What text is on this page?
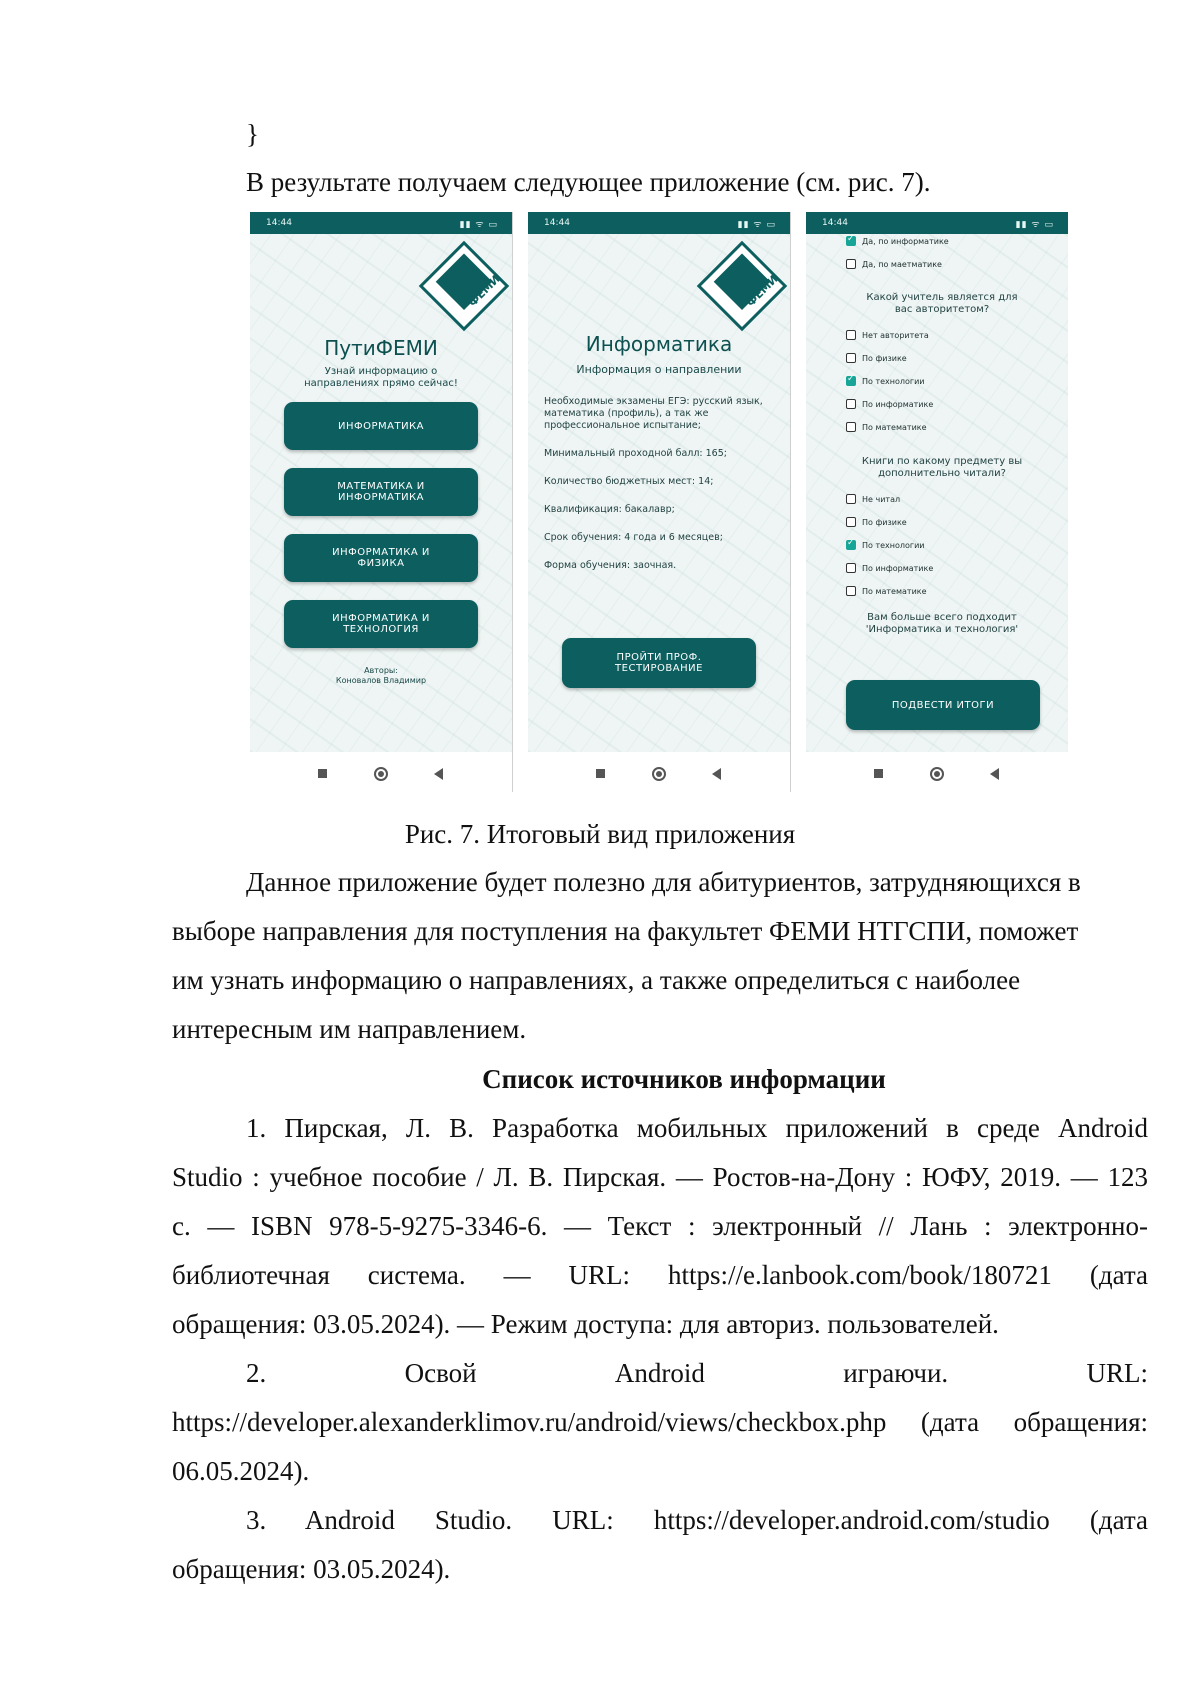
}
В результате получаем следующее приложение (см. рис. 7).
14:44	▮▮ ᯤ ▭
ФЕМИ
ПутиФЕМИ
Узнай информацию о
направлениях прямо сейчас!
ИНФОРМАТИКА
МАТЕМАТИКА И
ИНФОРМАТИКА
ИНФОРМАТИКА И
ФИЗИКА
ИНФОРМАТИКА И
ТЕХНОЛОГИЯ
Авторы:
Коновалов Владимир
14:44	▮▮ ᯤ ▭
ФЕМИ
Информатика
Информация о направлении
Необходимые экзамены ЕГЭ: русский язык, математика (профиль), а так же профессиональное испытание;
Минимальный проходной балл: 165;
Количество бюджетных мест: 14;
Квалификация: бакалавр;
Срок обучения: 4 года и 6 месяцев;
Форма обучения: заочная.
ПРОЙТИ ПРОФ.
ТЕСТИРОВАНИЕ
14:44	▮▮ ᯤ ▭
✓
Да, по информатике
Да, по маетматике
Какой учитель является для
вас авторитетом?
Нет авторитета
По физике
✓
По технологии
По информатике
По математике
Книги по какому предмету вы
дополнительно читали?
Не читал
По физике
✓
По технологии
По информатике
По математике
Вам больше всего подходит
'Информатика и технология'
ПОДВЕСТИ ИТОГИ
Рис. 7. Итоговый вид приложения
Данное приложение будет полезно для абитуриентов, затрудняющихся в
выборе направления для поступления на факультет ФЕМИ НТГСПИ, поможет
им узнать информацию о направлениях, а также определиться с наиболее
интересным им направлением.
Список источников информации
1. Пирская, Л. В. Разработка мобильных приложений в среде Android
Studio : учебное пособие / Л. В. Пирская. — Ростов-на-Дону : ЮФУ, 2019. — 123
с. — ISBN 978-5-9275-3346-6. — Текст : электронный // Лань : электронно-
библиотечная система. — URL: https://e.lanbook.com/book/180721 (дата
обращения: 03.05.2024). — Режим доступа: для авториз. пользователей.
2. Освой Android играючи. URL:
https://developer.alexanderklimov.ru/android/views/checkbox.php (дата обращения:
06.05.2024).
3. Android Studio. URL: https://developer.android.com/studio (дата
обращения: 03.05.2024).
